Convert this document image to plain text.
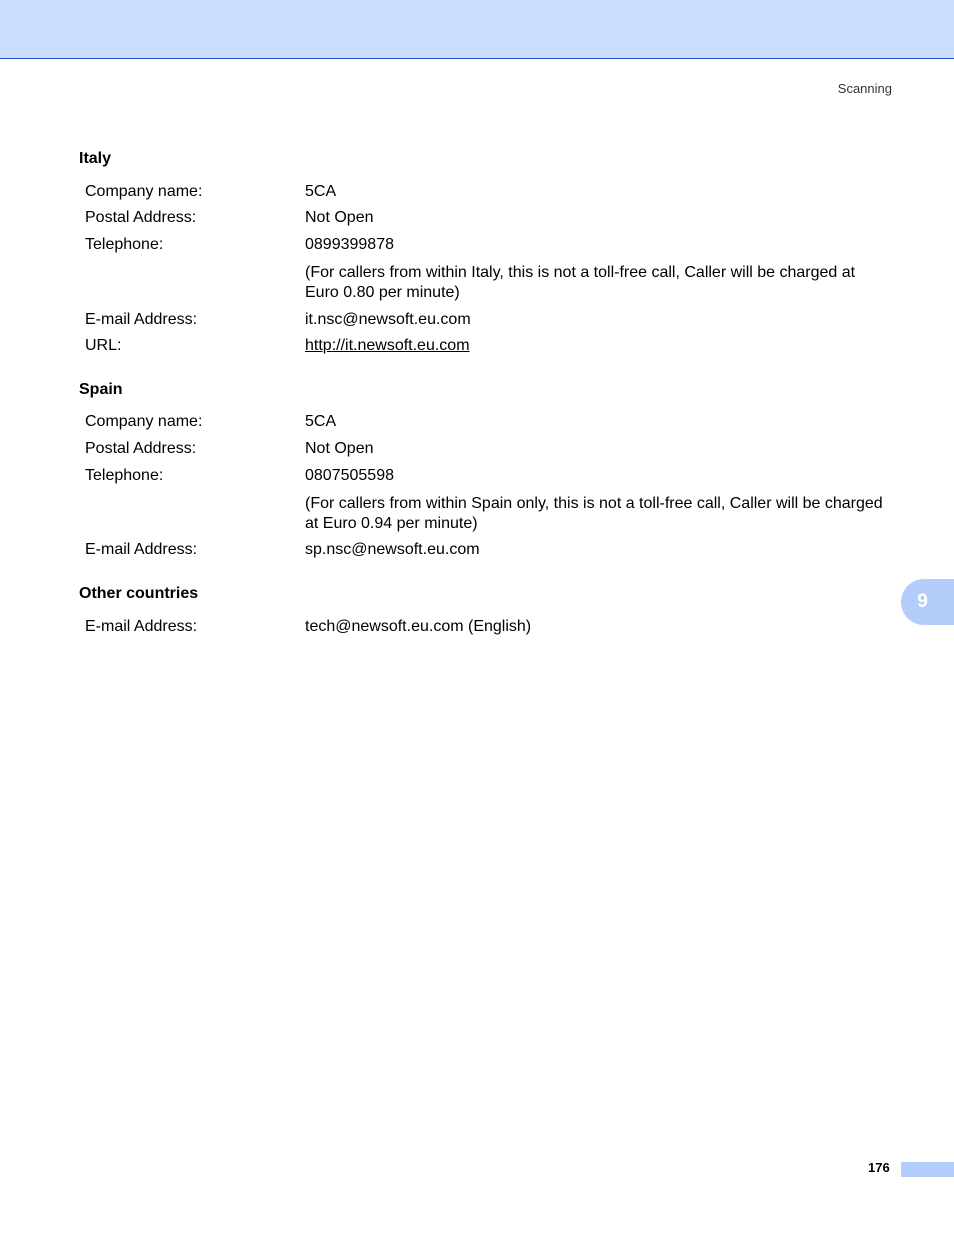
Scanning
Italy
Company name:	5CA
Postal Address:	Not Open
Telephone:	0899399878
(For callers from within Italy, this is not a toll-free call, Caller will be charged at Euro 0.80 per minute)
E-mail Address:	it.nsc@newsoft.eu.com
URL:	http://it.newsoft.eu.com
Spain
Company name:	5CA
Postal Address:	Not Open
Telephone:	0807505598
(For callers from within Spain only, this is not a toll-free call, Caller will be charged at Euro 0.94 per minute)
E-mail Address:	sp.nsc@newsoft.eu.com
Other countries
E-mail Address:	tech@newsoft.eu.com (English)
9
176
